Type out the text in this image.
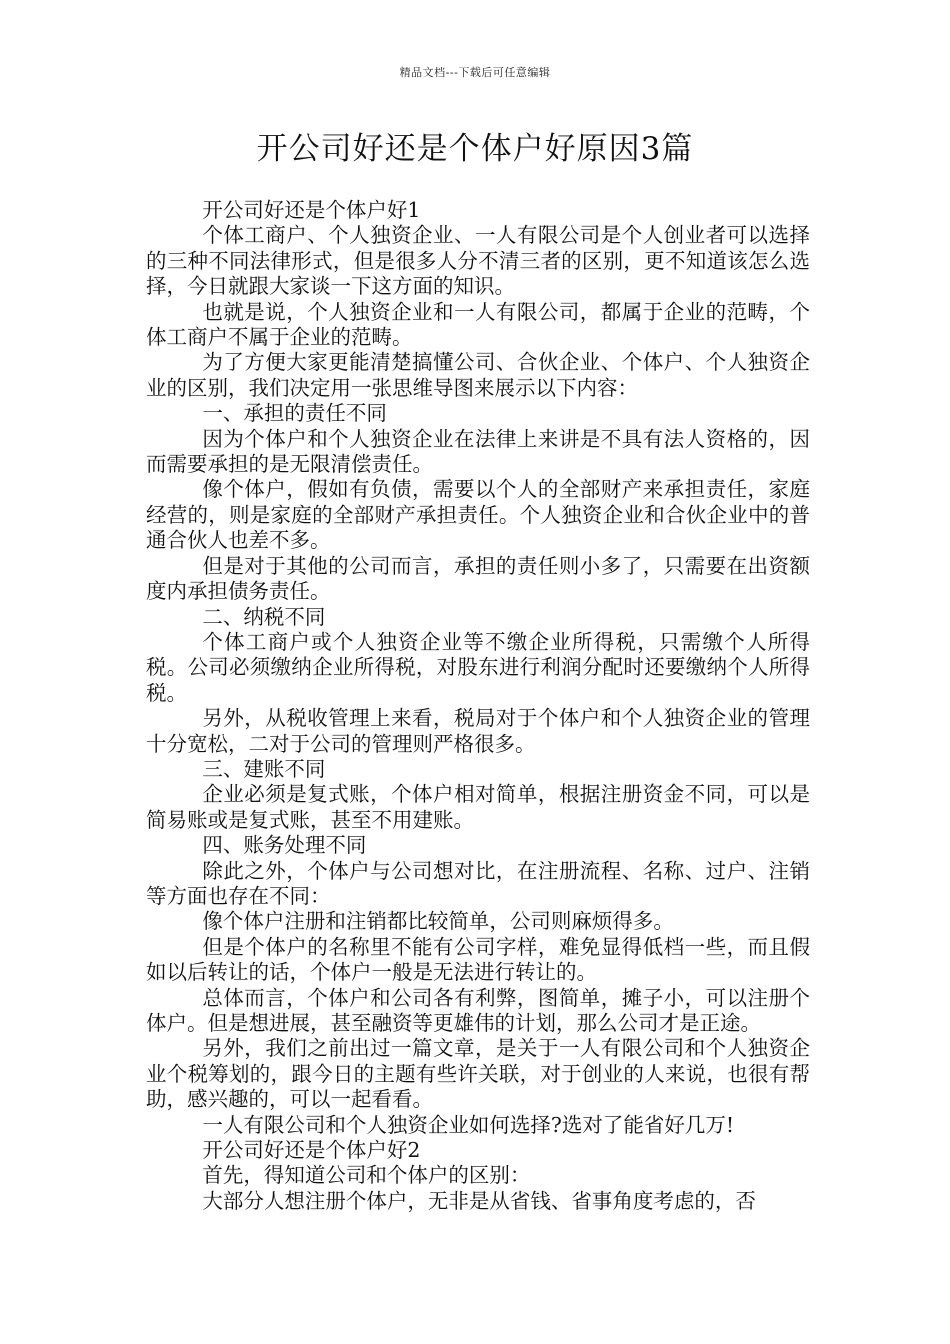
精品文档---下载后可任意编辑
开公司好还是个体户好原因3篇

开公司好还是个体户好1

个体工商户、个人独资企业、一人有限公司是个人创业者可以选择的三种不同法律形式，但是很多人分不清三者的区别，更不知道该怎么选择，今日就跟大家谈一下这方面的知识。

也就是说，个人独资企业和一人有限公司，都属于企业的范畴，个体工商户不属于企业的范畴。

为了方便大家更能清楚搞懂公司、合伙企业、个体户、个人独资企业的区别，我们决定用一张思维导图来展示以下内容：

一、承担的责任不同

因为个体户和个人独资企业在法律上来讲是不具有法人资格的，因而需要承担的是无限清偿责任。

像个体户，假如有负债，需要以个人的全部财产来承担责任，家庭经营的，则是家庭的全部财产承担责任。个人独资企业和合伙企业中的普通合伙人也差不多。

但是对于其他的公司而言，承担的责任则小多了，只需要在出资额度内承担债务责任。

二、纳税不同

个体工商户或个人独资企业等不缴企业所得税，只需缴个人所得税。公司必须缴纳企业所得税，对股东进行利润分配时还要缴纳个人所得税。

另外，从税收管理上来看，税局对于个体户和个人独资企业的管理十分宽松，二对于公司的管理则严格很多。

三、建账不同

企业必须是复式账，个体户相对简单，根据注册资金不同，可以是简易账或是复式账，甚至不用建账。

四、账务处理不同

除此之外，个体户与公司想对比，在注册流程、名称、过户、注销等方面也存在不同：

像个体户注册和注销都比较简单，公司则麻烦得多。

但是个体户的名称里不能有公司字样，难免显得低档一些，而且假如以后转让的话，个体户一般是无法进行转让的。

总体而言，个体户和公司各有利弊，图简单，摊子小，可以注册个体户。但是想进展，甚至融资等更雄伟的计划，那么公司才是正途。

另外，我们之前出过一篇文章，是关于一人有限公司和个人独资企业个税筹划的，跟今日的主题有些许关联，对于创业的人来说，也很有帮助，感兴趣的，可以一起看看。

一人有限公司和个人独资企业如何选择?选对了能省好几万!

开公司好还是个体户好2

首先，得知道公司和个体户的区别：

大部分人想注册个体户，无非是从省钱、省事角度考虑的，否
